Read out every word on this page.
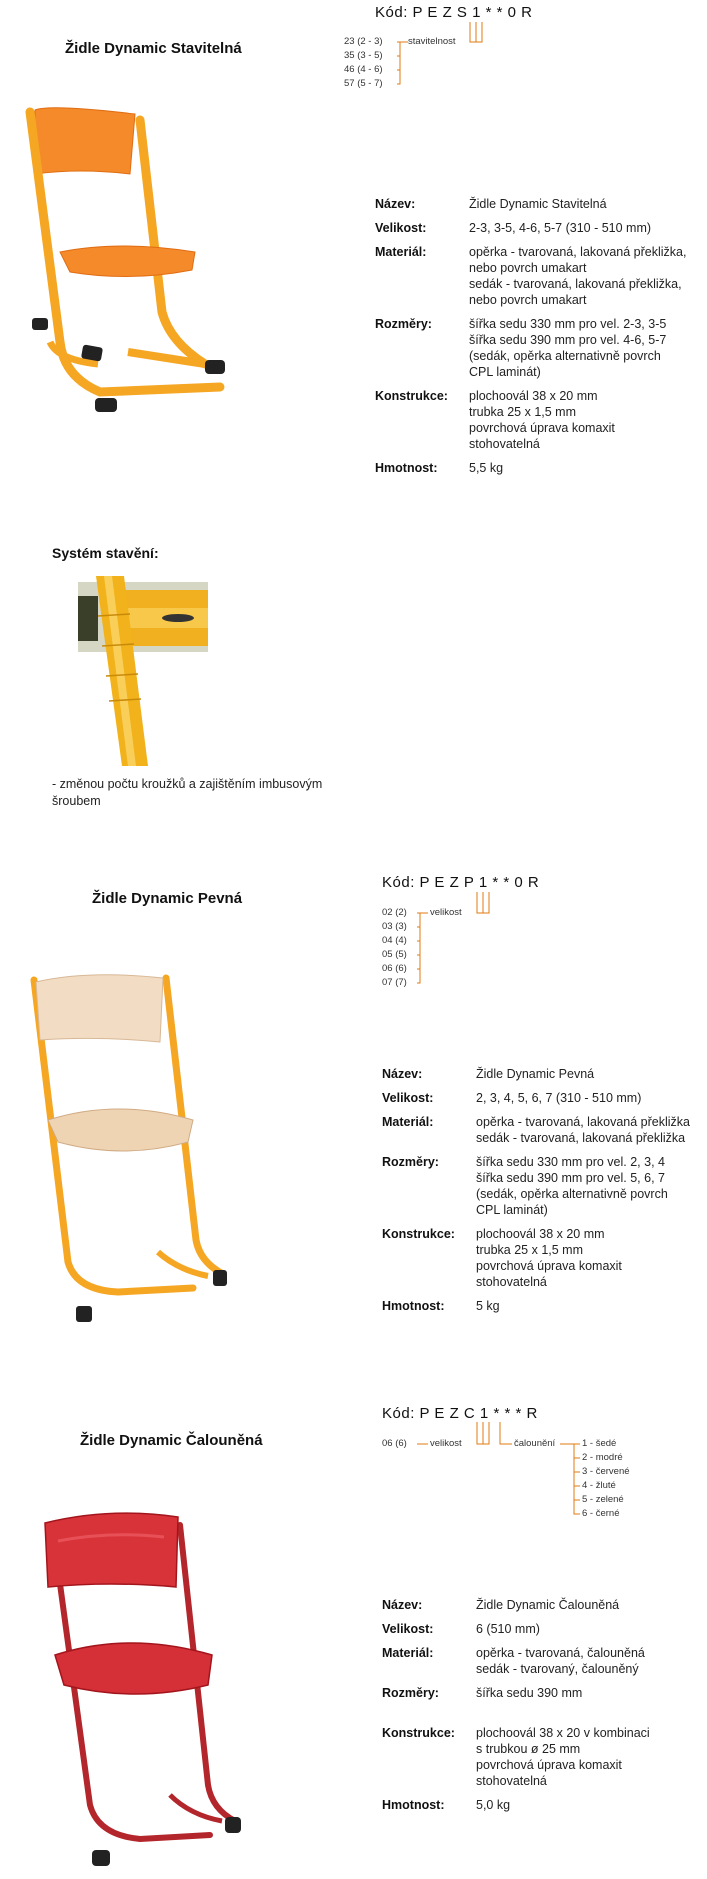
Židle Dynamic Stavitelná
Kód: P E Z S 1 * * 0 R
23 (2 - 3)
35 (3 - 5)
46 (4 - 6)
57 (5 - 7)
stavitelnost
Název:	Židle Dynamic Stavitelná
Velikost:	2-3, 3-5, 4-6, 5-7 (310 - 510 mm)
Materiál:	opěrka - tvarovaná, lakovaná překližka,
nebo povrch umakart
sedák - tvarovaná, lakovaná překližka,
nebo povrch umakart
Rozměry:	šířka sedu 330 mm pro vel. 2-3, 3-5
šířka sedu 390 mm pro vel. 4-6, 5-7
(sedák, opěrka alternativně povrch
CPL laminát)
Konstrukce:	plochoovál 38 x 20 mm
trubka 25 x 1,5 mm
povrchová úprava komaxit
stohovatelná
Hmotnost:	5,5 kg
Systém stavění:
- změnou počtu kroužků a zajištěním imbusovým
šroubem
Židle Dynamic Pevná
Kód: P E Z P 1 * * 0 R
02 (2)
03 (3)
04 (4)
05 (5)
06 (6)
07 (7)
velikost
Název:	Židle Dynamic Pevná
Velikost:	2, 3, 4, 5, 6, 7 (310 - 510 mm)
Materiál:	opěrka - tvarovaná, lakovaná překližka
sedák - tvarovaná, lakovaná překližka
Rozměry:	šířka sedu 330 mm pro vel. 2, 3, 4
šířka sedu 390 mm pro vel. 5, 6, 7
(sedák, opěrka alternativně povrch
CPL laminát)
Konstrukce:	plochoovál 38 x 20 mm
trubka 25 x 1,5 mm
povrchová úprava komaxit
stohovatelná
Hmotnost:	5 kg
Židle Dynamic Čalouněná
Kód: P E Z C 1 * * * R
06 (6) velikost	čalounění	1 - šedé
2 - modré
3 - červené
4 - žluté
5 - zelené
6 - černé
Název:	Židle Dynamic Čalouněná
Velikost:	6 (510 mm)
Materiál:	opěrka - tvarovaná, čalouněná
sedák - tvarovaný, čalouněný
Rozměry:	šířka sedu 390 mm
Konstrukce:	plochoovál 38 x 20 v kombinaci
s trubkou ø 25 mm
povrchová úprava komaxit
stohovatelná
Hmotnost:	5,0 kg
